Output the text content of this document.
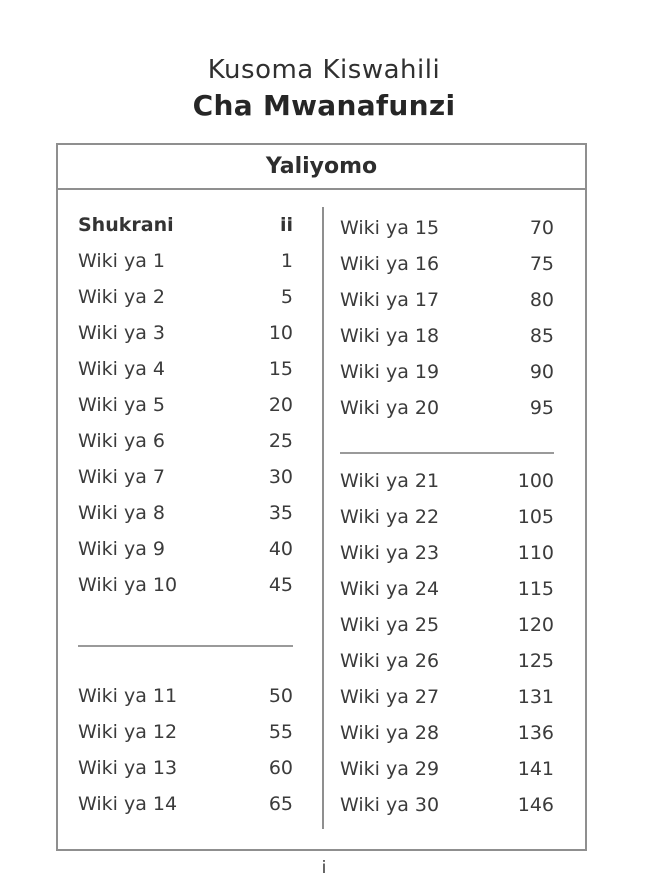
Kusoma Kiswahili
Cha Mwanafunzi
Yaliyomo
Shukrani	ii
Wiki ya 1	1
Wiki ya 2	5
Wiki ya 3	10
Wiki ya 4	15
Wiki ya 5	20
Wiki ya 6	25
Wiki ya 7	30
Wiki ya 8	35
Wiki ya 9	40
Wiki ya 10	45
Wiki ya 11	50
Wiki ya 12	55
Wiki ya 13	60
Wiki ya 14	65
Wiki ya 15	70
Wiki ya 16	75
Wiki ya 17	80
Wiki ya 18	85
Wiki ya 19	90
Wiki ya 20	95
Wiki ya 21	100
Wiki ya 22	105
Wiki ya 23	110
Wiki ya 24	115
Wiki ya 25	120
Wiki ya 26	125
Wiki ya 27	131
Wiki ya 28	136
Wiki ya 29	141
Wiki ya 30	146
i
